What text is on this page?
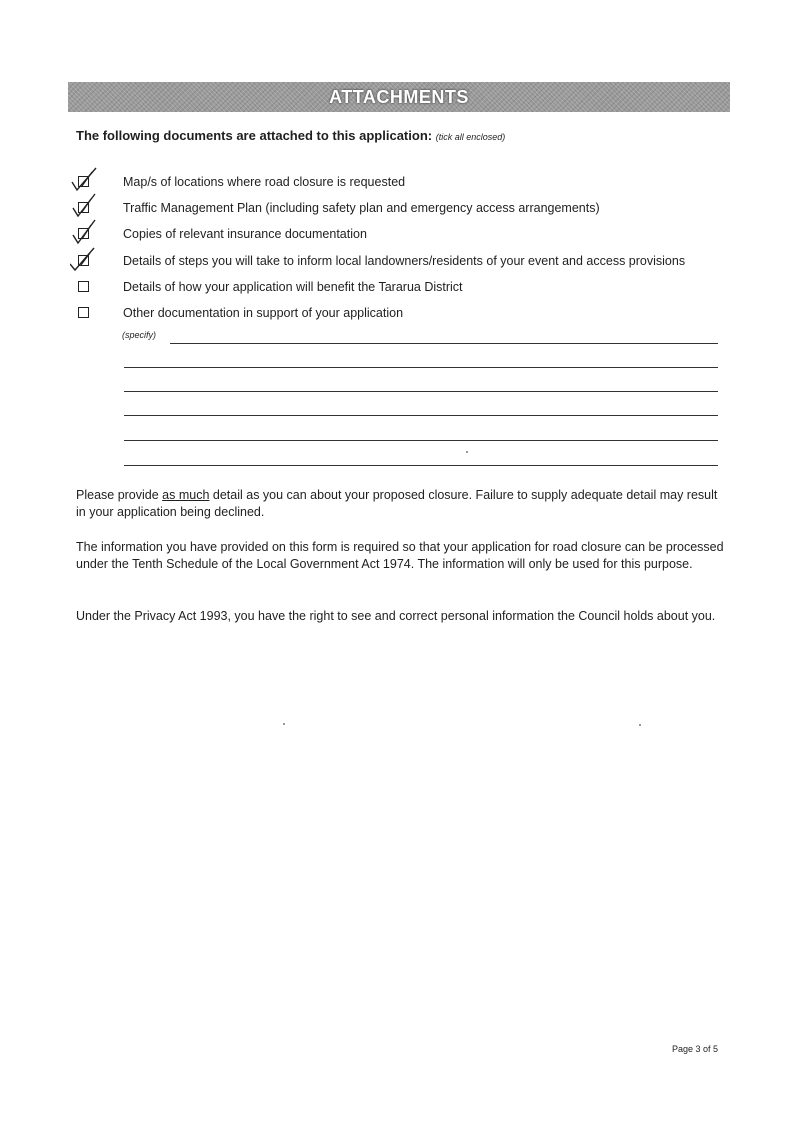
ATTACHMENTS
The following documents are attached to this application: (tick all enclosed)
Map/s of locations where road closure is requested
Traffic Management Plan (including safety plan and emergency access arrangements)
Copies of relevant insurance documentation
Details of steps you will take to inform local landowners/residents of your event and access provisions
Details of how your application will benefit the Tararua District
Other documentation in support of your application
(specify)
Please provide as much detail as you can about your proposed closure. Failure to supply adequate detail may result in your application being declined.
The information you have provided on this form is required so that your application for road closure can be processed under the Tenth Schedule of the Local Government Act 1974. The information will only be used for this purpose.
Under the Privacy Act 1993, you have the right to see and correct personal information the Council holds about you.
Page 3 of 5
